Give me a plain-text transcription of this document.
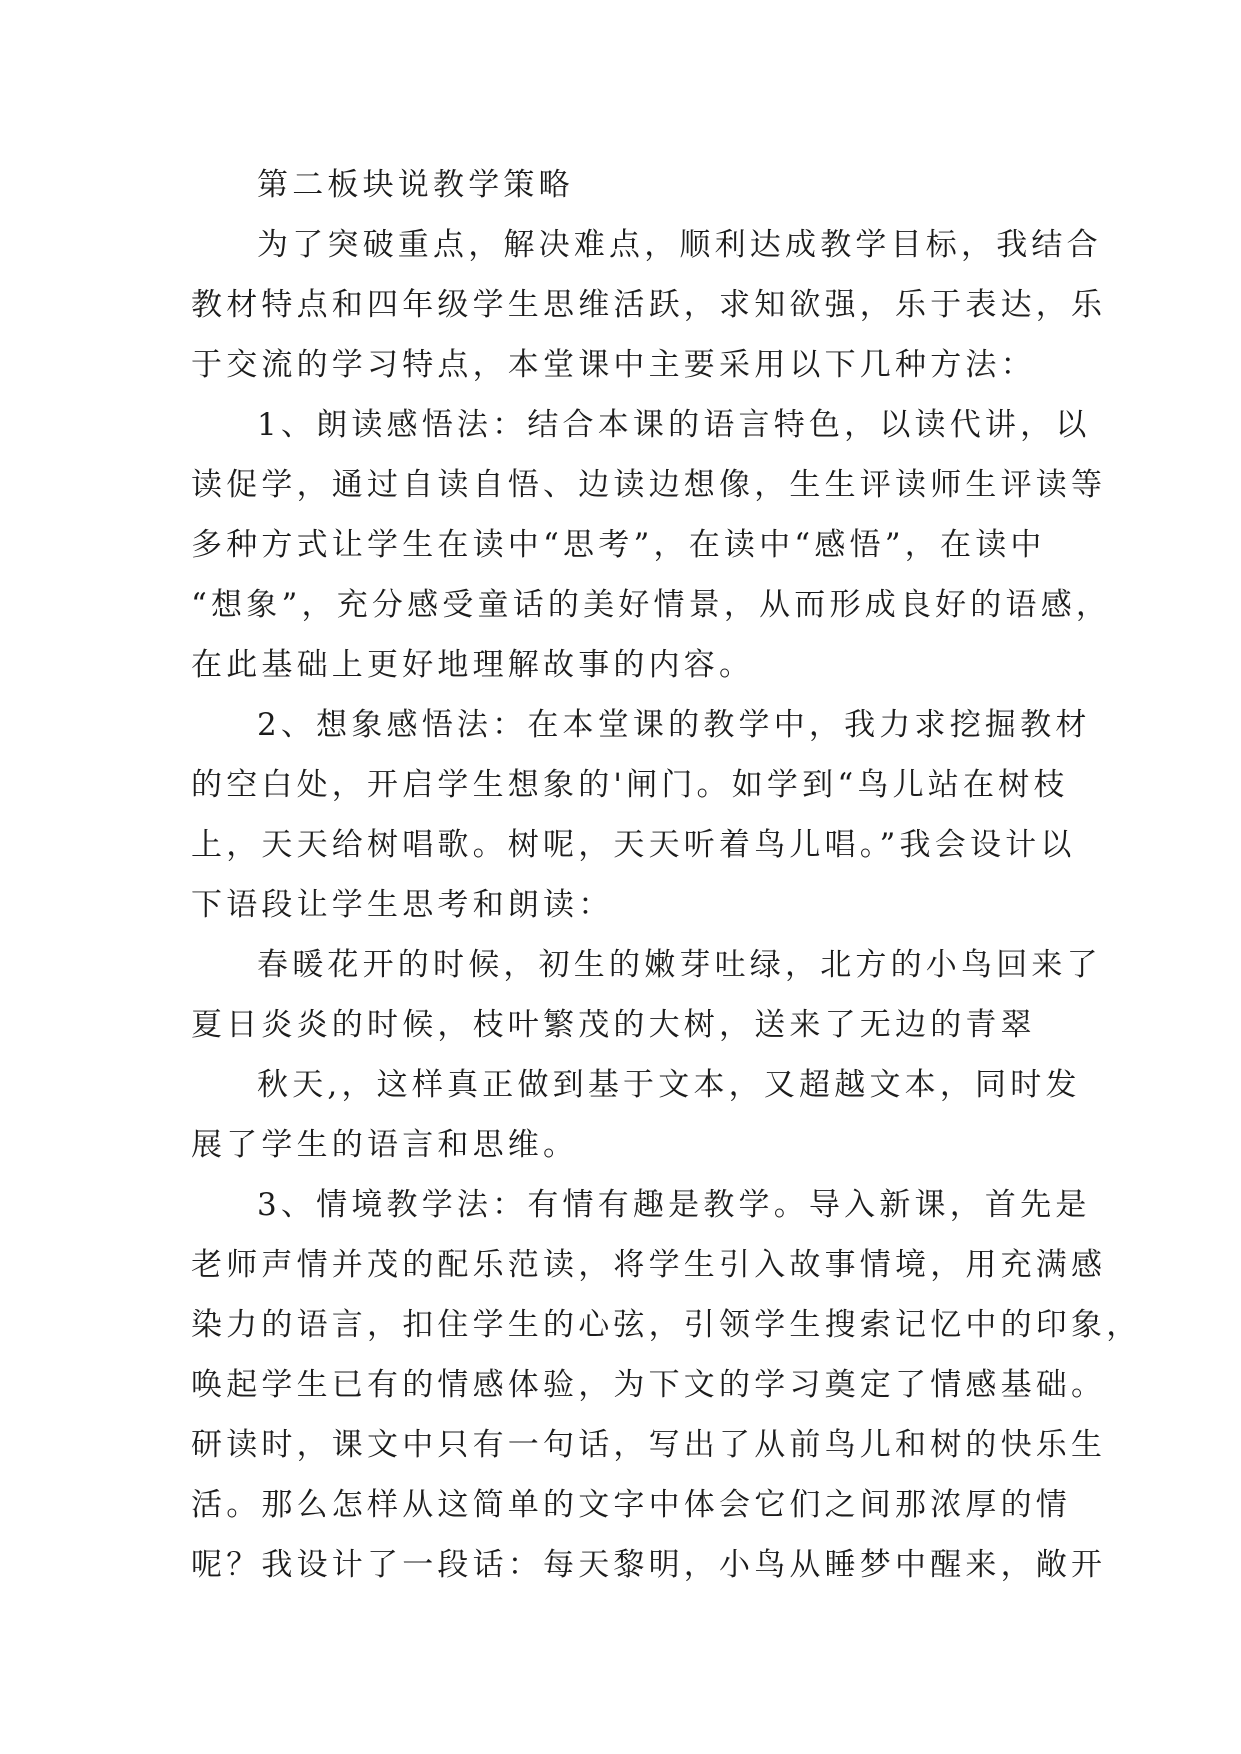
第二板块说教学策略
为了突破重点，解决难点，顺利达成教学目标，我结合
教材特点和四年级学生思维活跃，求知欲强，乐于表达，乐
于交流的学习特点，本堂课中主要采用以下几种方法：
1、朗读感悟法：结合本课的语言特色，以读代讲，以
读促学，通过自读自悟、边读边想像，生生评读师生评读等
多种方式让学生在读中“思考”，在读中“感悟”，在读中
“想象”，充分感受童话的美好情景，从而形成良好的语感，
在此基础上更好地理解故事的内容。
2、想象感悟法：在本堂课的教学中，我力求挖掘教材
的空白处，开启学生想象的'闸门。如学到“鸟儿站在树枝
上，天天给树唱歌。树呢，天天听着鸟儿唱。”我会设计以
下语段让学生思考和朗读：
春暖花开的时候，初生的嫩芽吐绿，北方的小鸟回来了
夏日炎炎的时候，枝叶繁茂的大树，送来了无边的青翠
秋天,，这样真正做到基于文本，又超越文本，同时发
展了学生的语言和思维。
3、情境教学法：有情有趣是教学。导入新课，首先是
老师声情并茂的配乐范读，将学生引入故事情境，用充满感
染力的语言，扣住学生的心弦，引领学生搜索记忆中的印象，
唤起学生已有的情感体验，为下文的学习奠定了情感基础。
研读时，课文中只有一句话，写出了从前鸟儿和树的快乐生
活。那么怎样从这简单的文字中体会它们之间那浓厚的情
呢？我设计了一段话：每天黎明，小鸟从睡梦中醒来，敞开
